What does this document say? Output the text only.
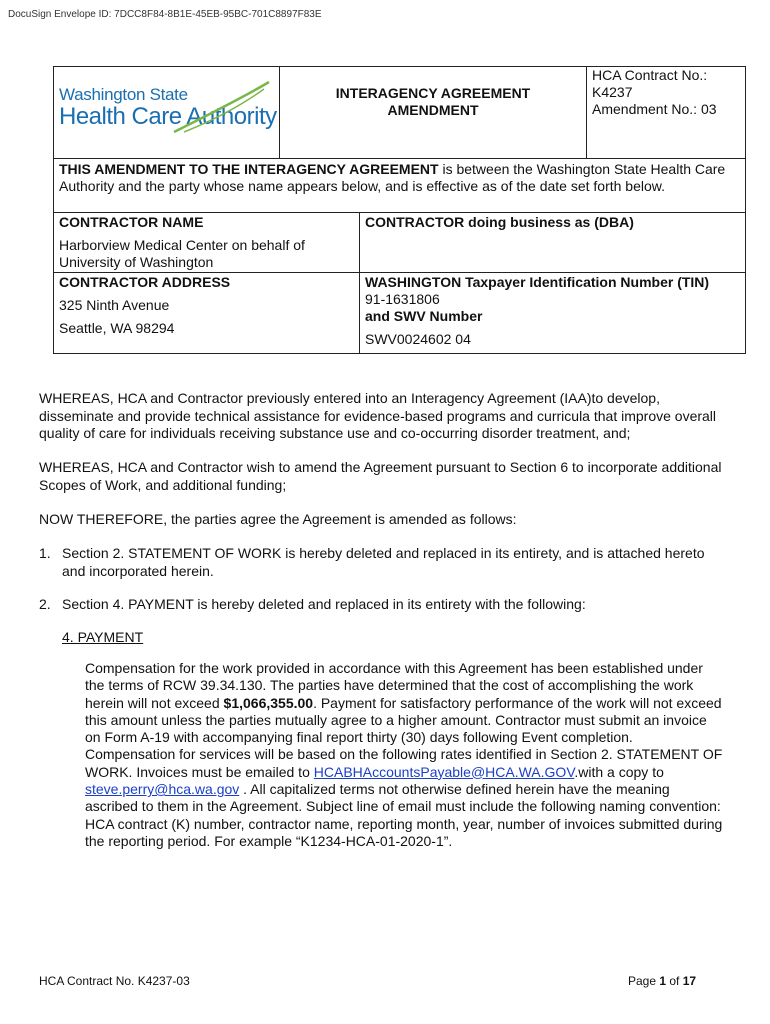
DocuSign Envelope ID: 7DCC8F84-8B1E-45EB-95BC-701C8897F83E
Washington State
Health Care Authority
INTERAGENCY AGREEMENT
AMENDMENT
HCA Contract No.: K4237
Amendment No.: 03
THIS AMENDMENT TO THE INTERAGENCY AGREEMENT is between the Washington State Health Care Authority and the party whose name appears below, and is effective as of the date set forth below.
CONTRACTOR NAME
Harborview Medical Center on behalf of University of Washington
CONTRACTOR doing business as (DBA)
CONTRACTOR ADDRESS
325 Ninth Avenue
Seattle, WA 98294
WASHINGTON Taxpayer Identification Number (TIN)
91-1631806
and SWV Number
SWV0024602 04
WHEREAS, HCA and Contractor previously entered into an Interagency Agreement (IAA)to develop, disseminate and provide technical assistance for evidence-based programs and curricula that improve overall quality of care for individuals receiving substance use and co-occurring disorder treatment, and;
WHEREAS, HCA and Contractor wish to amend the Agreement pursuant to Section 6 to incorporate additional Scopes of Work, and additional funding;
NOW THEREFORE, the parties agree the Agreement is amended as follows:
1. Section 2. STATEMENT OF WORK is hereby deleted and replaced in its entirety, and is attached hereto and incorporated herein.
2. Section 4. PAYMENT is hereby deleted and replaced in its entirety with the following:
4. PAYMENT
Compensation for the work provided in accordance with this Agreement has been established under the terms of RCW 39.34.130. The parties have determined that the cost of accomplishing the work herein will not exceed $1,066,355.00. Payment for satisfactory performance of the work will not exceed this amount unless the parties mutually agree to a higher amount. Contractor must submit an invoice on Form A-19 with accompanying final report thirty (30) days following Event completion. Compensation for services will be based on the following rates identified in Section 2. STATEMENT OF WORK. Invoices must be emailed to HCABHAccountsPayable@HCA.WA.GOV.with a copy to steve.perry@hca.wa.gov . All capitalized terms not otherwise defined herein have the meaning ascribed to them in the Agreement. Subject line of email must include the following naming convention: HCA contract (K) number, contractor name, reporting month, year, number of invoices submitted during the reporting period. For example “K1234-HCA-01-2020-1”.
HCA Contract No. K4237-03	Page 1 of 17
